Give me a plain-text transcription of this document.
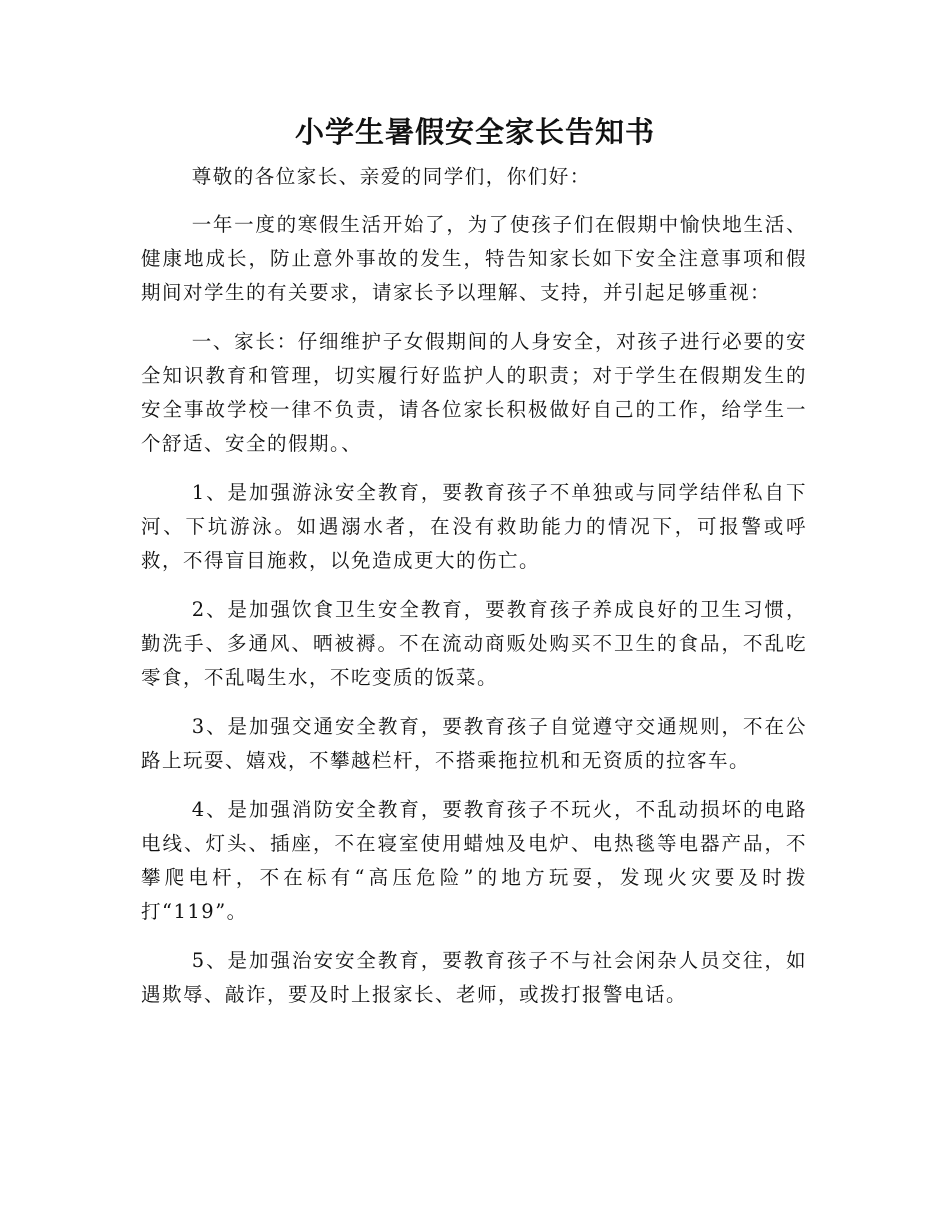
小学生暑假安全家长告知书

尊敬的各位家长、亲爱的同学们，你们好：

一年一度的寒假生活开始了，为了使孩子们在假期中愉快地生活、健康地成长，防止意外事故的发生，特告知家长如下安全注意事项和假期间对学生的有关要求，请家长予以理解、支持，并引起足够重视：

一、家长：仔细维护子女假期间的人身安全，对孩子进行必要的安全知识教育和管理，切实履行好监护人的职责；对于学生在假期发生的安全事故学校一律不负责，请各位家长积极做好自己的工作，给学生一个舒适、安全的假期。、

1、是加强游泳安全教育，要教育孩子不单独或与同学结伴私自下河、下坑游泳。如遇溺水者，在没有救助能力的情况下，可报警或呼救，不得盲目施救，以免造成更大的伤亡。

2、是加强饮食卫生安全教育，要教育孩子养成良好的卫生习惯，勤洗手、多通风、晒被褥。不在流动商贩处购买不卫生的食品，不乱吃零食，不乱喝生水，不吃变质的饭菜。

3、是加强交通安全教育，要教育孩子自觉遵守交通规则，不在公路上玩耍、嬉戏，不攀越栏杆，不搭乘拖拉机和无资质的拉客车。

4、是加强消防安全教育，要教育孩子不玩火，不乱动损坏的电路电线、灯头、插座，不在寝室使用蜡烛及电炉、电热毯等电器产品，不攀爬电杆，不在标有“高压危险”的地方玩耍，发现火灾要及时拨打“119”。

5、是加强治安安全教育，要教育孩子不与社会闲杂人员交往，如遇欺辱、敲诈，要及时上报家长、老师，或拨打报警电话。
